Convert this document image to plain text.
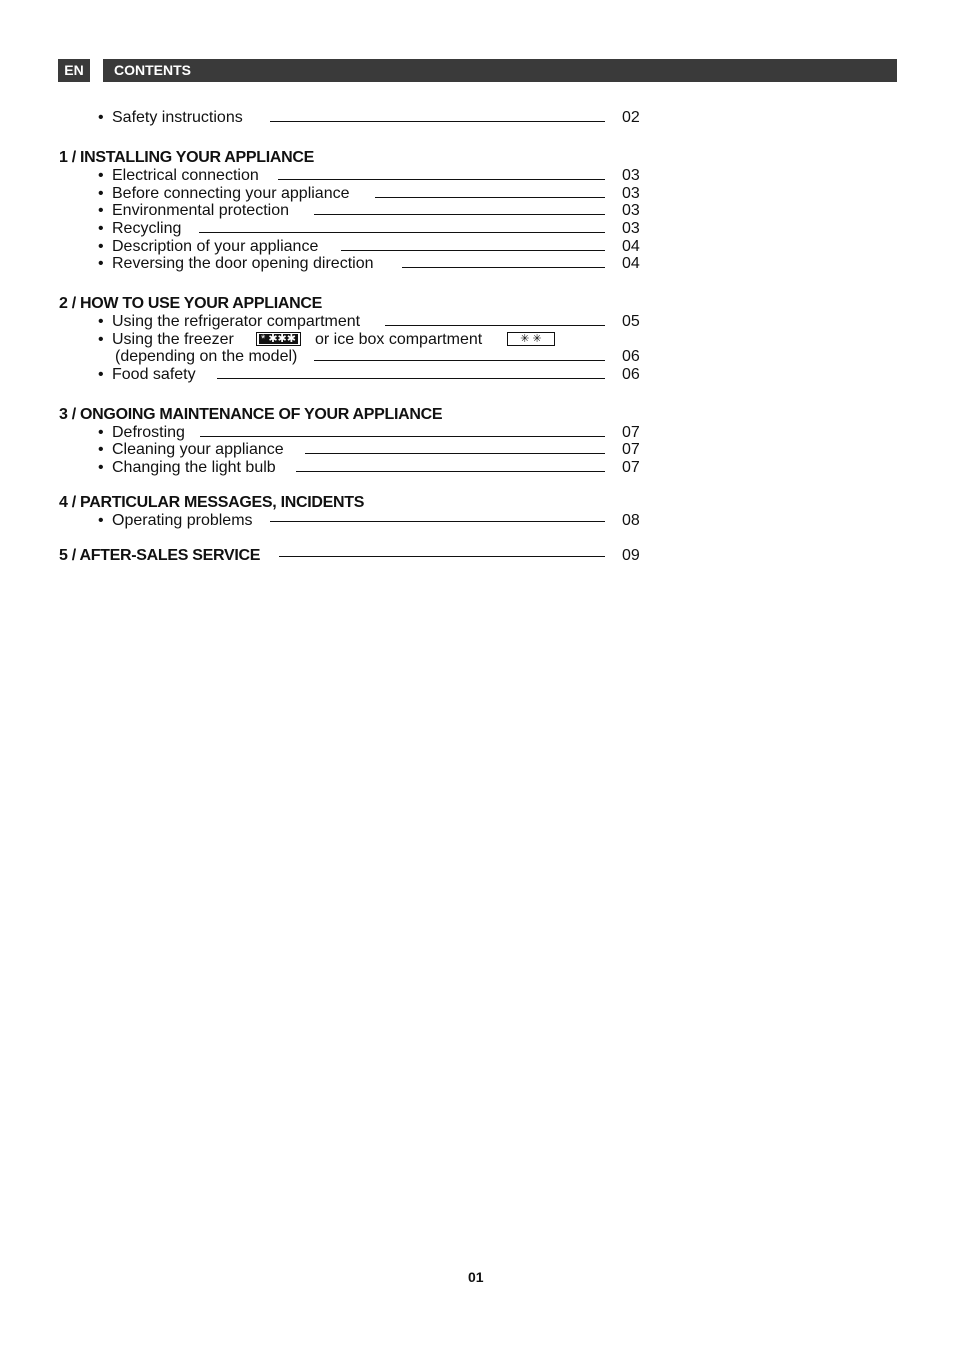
EN	CONTENTS
• Safety instructions	02
1 / INSTALLING YOUR APPLIANCE
• Electrical connection	03
• Before connecting your appliance	03
• Environmental protection	03
• Recycling	03
• Description of your appliance	04
• Reversing the door opening direction	04
2 / HOW TO USE YOUR APPLIANCE
• Using the refrigerator compartment	05
• Using the freezer	* ✱✱✱	or ice box compartment	✳ ✳
(depending on the model)	06
• Food safety	06
3 / ONGOING MAINTENANCE OF YOUR APPLIANCE
• Defrosting	07
• Cleaning your appliance	07
• Changing the light bulb	07
4 / PARTICULAR MESSAGES, INCIDENTS
• Operating problems	08
5 / AFTER-SALES SERVICE	09
01
